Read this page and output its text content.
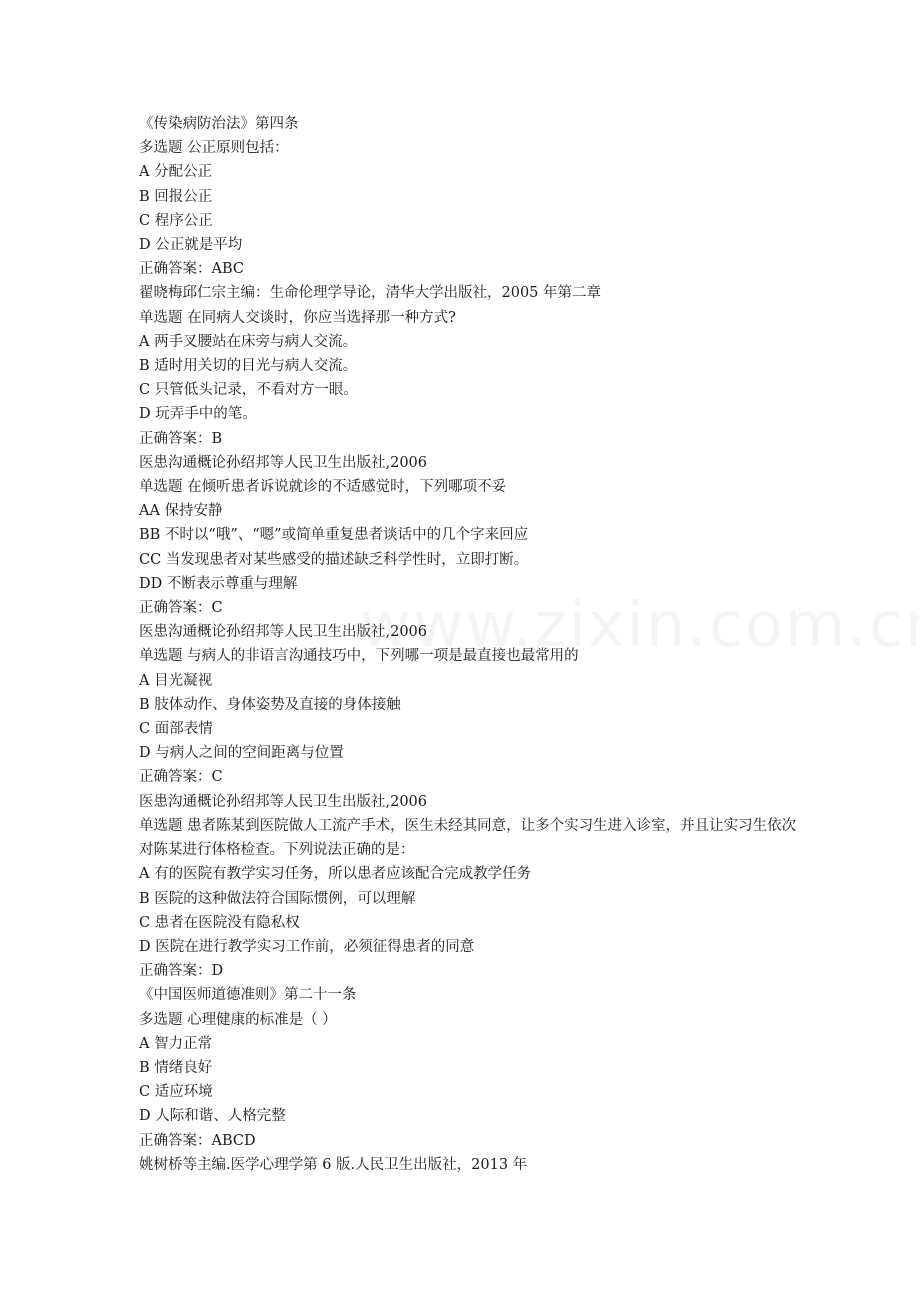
《传染病防治法》第四条
多选题 公正原则包括：
A 分配公正
B 回报公正
C 程序公正
D 公正就是平均
正确答案：ABC
翟晓梅邱仁宗主编：生命伦理学导论，清华大学出版社，2005 年第二章
单选题 在同病人交谈时，你应当选择那一种方式?
A 两手叉腰站在床旁与病人交流。
B 适时用关切的目光与病人交流。
C 只管低头记录，不看对方一眼。
D 玩弄手中的笔。
正确答案：B
医患沟通概论孙绍邦等人民卫生出版社,2006
单选题 在倾听患者诉说就诊的不适感觉时，下列哪项不妥
AA 保持安静
BB 不时以“哦”、“嗯”或简单重复患者谈话中的几个字来回应
CC 当发现患者对某些感受的描述缺乏科学性时，立即打断。
DD 不断表示尊重与理解
正确答案：C
医患沟通概论孙绍邦等人民卫生出版社,2006
单选题 与病人的非语言沟通技巧中，下列哪一项是最直接也最常用的
A 目光凝视
B 肢体动作、身体姿势及直接的身体接触
C 面部表情
D 与病人之间的空间距离与位置
正确答案：C
医患沟通概论孙绍邦等人民卫生出版社,2006
单选题 患者陈某到医院做人工流产手术，医生未经其同意，让多个实习生进入诊室，并且让实习生依次对陈某进行体格检查。下列说法正确的是：
A 有的医院有教学实习任务，所以患者应该配合完成教学任务
B 医院的这种做法符合国际惯例，可以理解
C 患者在医院没有隐私权
D 医院在进行教学实习工作前，必须征得患者的同意
正确答案：D
《中国医师道德准则》第二十一条
多选题 心理健康的标准是（ ）
A 智力正常
B 情绪良好
C 适应环境
D 人际和谐、人格完整
正确答案：ABCD
姚树桥等主编.医学心理学第 6 版.人民卫生出版社，2013 年
